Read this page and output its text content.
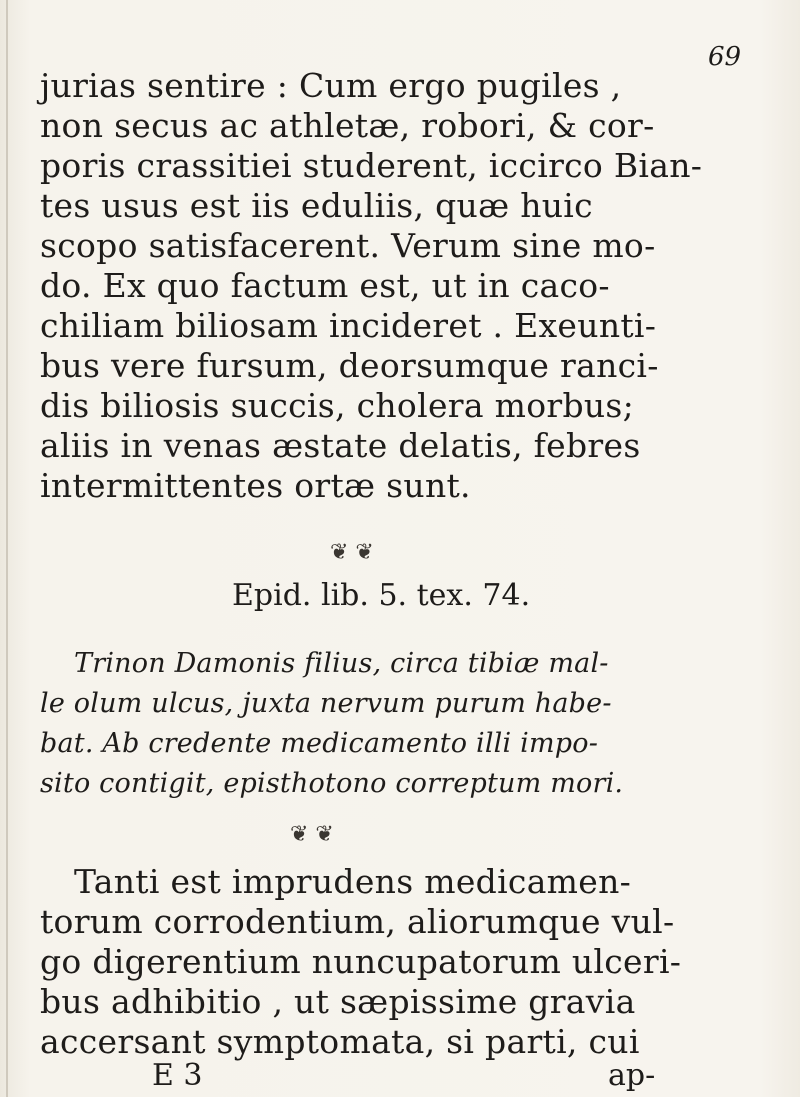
69

jurias sentire : Cum ergo pugiles ,

non secus ac athletæ, robori, & cor-

poris crassitiei studerent, iccirco Bian-

tes usus est iis eduliis, quæ huic

scopo satisfacerent. Verum sine mo-

do. Ex quo factum est, ut in caco-

chiliam biliosam incideret . Exeunti-

bus vere fursum, deorsumque ranci-

dis biliosis succis, cholera morbus;

aliis in venas æstate delatis, febres

intermittentes ortæ sunt.

❦ ❦

Epid. lib. 5. tex. 74.

Trinon Damonis filius, circa tibiæ mal-

le olum ulcus, juxta nervum purum habe-

bat. Ab credente medicamento illi impo-

sito contigit, episthotono correptum mori.

❦ ❦

Tanti est imprudens medicamen-

torum corrodentium, aliorumque vul-

go digerentium nuncupatorum ulceri-

bus adhibitio , ut sæpissime gravia

accersant symptomata, si parti, cui

E 3	ap-
